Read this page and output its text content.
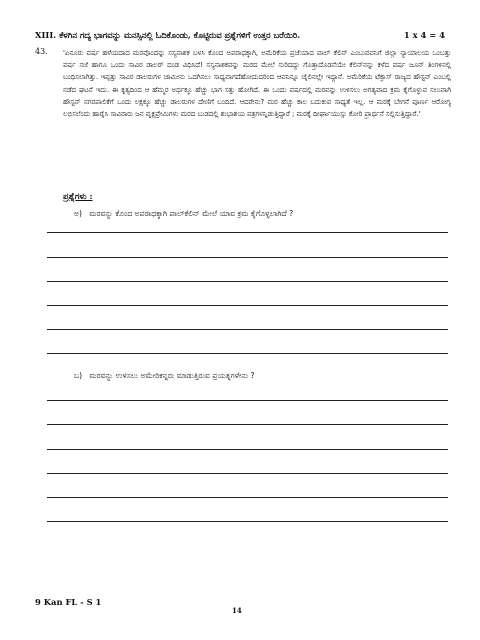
XIII. ಕೆಳಗಿನ ಗದ್ಯ ಭಾಗವನ್ನು ಮನಸ್ಸಿನಲ್ಲಿ ಓದಿಕೊಂಡು, ಕೊಟ್ಟಿರುವ ಪ್ರಶ್ನೆಗಳಿಗೆ ಉತ್ತರ ಬರೆಯಿರಿ.	1 x 4 = 4
43. 'ಏನೂರು ವರ್ಷ ಹಳೆಯದಾದ ಮರವೊಂದನ್ನು ಸಸ್ಯನಾಶಕ ಬಳಸಿ ಕೊಂದ ಅಪರಾಧಕ್ಕಾಗಿ, ಅಮೆರಿಕೆಯ ಪ್ರಜೆಯಾದ ಪಾಲ್ ಕೆಲಿನ್ ಎಂಬುವವನಿಗೆ ಜಿಲ್ಲಾ ನ್ಯಾಯಾಲಯ ಒಂಬತ್ತು ವರ್ಷ ಸಜೆ ಹಾಗೂ ಒಂದು ಸಾವಿರ ಡಾಲರ್ ದಂಡ ವಿಧಿಸಿದೆ! ಸಸ್ಯನಾಶಕವನ್ನು ಮರದ ಮೇಲೆ ಸುರಿದದ್ದು ಗೊತ್ತಾದೊಡನೆಯೇ ಕೆಲಿನ್‌ನನ್ನು ಕಳೆದ ವರ್ಷ ಜೂನ್ ತಿಂಗಳಿನಲ್ಲಿ ಬಂಧಿಸಲಾಗಿತ್ತು. ಇಪ್ಪತ್ತು ಸಾವಿರ ಡಾಲರುಗಳ ಜಾಮೀನು ಒದಗಿಸಲು ಸಾಧ್ಯವಾಗದೆಹೋದುದರಿಂದ ಆವನಿನ್ನೂ ಜೈಲಿನಲ್ಲೇ ಇದ್ದಾನೆ. ಅಮೆರಿಕೆಯ ಟೆಕ್ಸಾಸ್ ರಾಜ್ಯದ ಹೌಸ್ಟನ್ ಎಂಬಲ್ಲಿ ನಡೆದ ಘಟನೆ ಇದು. ಈ ಕೃತ್ಯದಿಂದ ಆ ಹೆಮ್ಮರ ಅರ್ಧಕ್ಕೂ ಹೆಚ್ಚು ಭಾಗ ಸತ್ತು ಹೋಗಿದೆ. ಈ ಒಂದು ವರ್ಷದಲ್ಲಿ ಮರವನ್ನು ಉಳಿಸಲು ಅಗತ್ಯವಾದ ಕ್ರಮ ಕೈಗೊಳ್ಳುವ ಸಲುವಾಗಿ ಹೌಸ್ಟನ್ ನಗರಪಾಲಿಕೆಗೆ ಒಂದು ಲಕ್ಷಕ್ಕೂ ಹೆಚ್ಚು ಡಾಲರುಗಳ ದೇಣಿಗೆ ಬಂದಿದೆ. ಆದರೇನು? ಮರ ಹೆಚ್ಚು ಕಾಲ ಬದುಕುವ ಸಾಧ್ಯತೆ ಇಲ್ಲ. ಆ ಮರಕ್ಕೆ ಬೇಗನೆ ಪೂರ್ಣ ಆರೋಗ್ಯ ಲಭಿಸಲೆಂದು ಹಾರೈಸಿ ಸಾವಿರಾರು ಜನ ವೃಕ್ಷಪ್ರೇಮಿಗಳು ಮರದ ಬುಡದಲ್ಲಿ ಶುಭಾಶಯ ಪತ್ರಗಳನ್ನಿಡುತ್ತಿದ್ದಾರೆ ; ಮರಕ್ಕೆ ದೀರ್ಘಾಯುಸ್ಸು ಕೋರಿ ಪ್ರಾರ್ಥನೆ ಸಲ್ಲಿಸುತ್ತಿದ್ದಾರೆ.'
ಪ್ರಶ್ನೆಗಳು :
ಅ) ಮರವನ್ನು ಕೊಂದ ಅಪರಾಧಕ್ಕಾಗಿ ಪಾಲ್‌ಕೆಲಿನ್ ಮೇಲೆ ಯಾವ ಕ್ರಮ ಕೈಗೊಳ್ಳಲಾಗಿದೆ ?
ಬ) ಮರವನ್ನು ಉಳಿಸಲು ಅಮೇರಿಕನ್ನರು ಮಾಡುತ್ತಿರುವ ಪ್ರಯತ್ನಗಳೇನು ?
9 Kan FL - S 1
14
